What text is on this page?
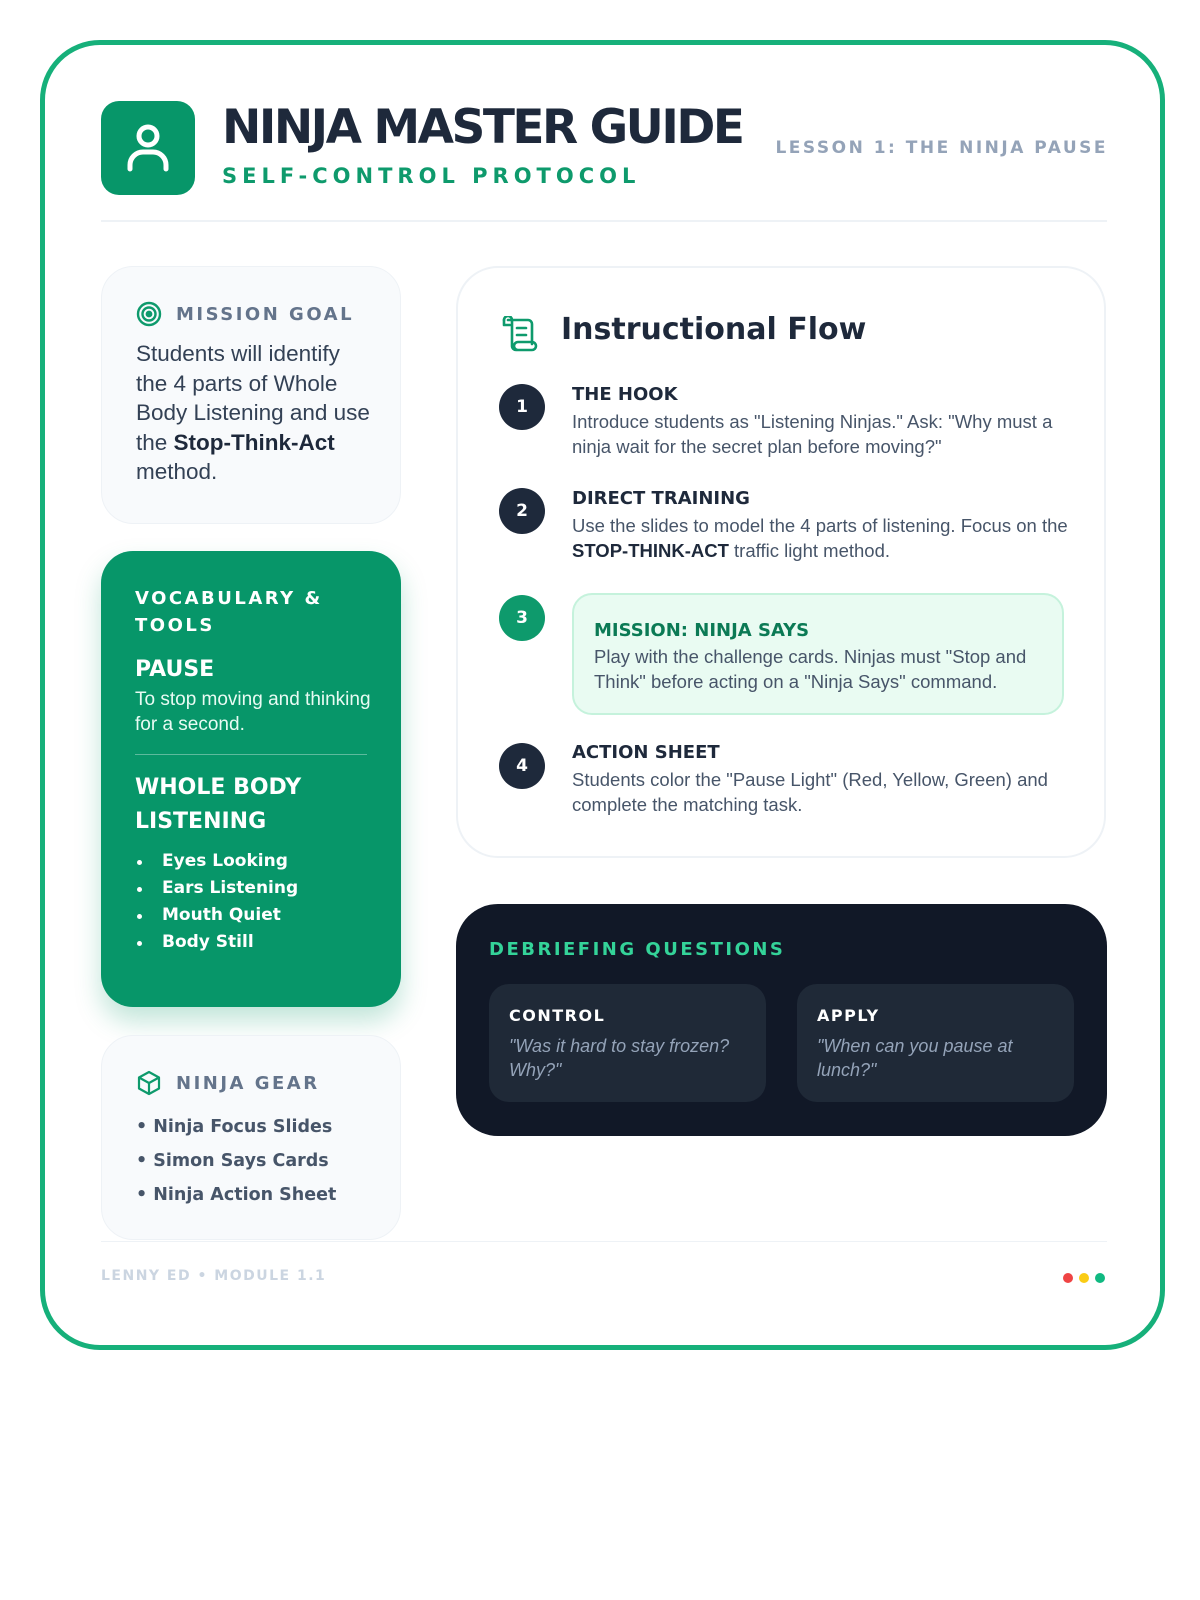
NINJA MASTER GUIDE
SELF-CONTROL PROTOCOL
LESSON 1: THE NINJA PAUSE
MISSION GOAL
Students will identify the 4 parts of Whole Body Listening and use the Stop-Think-Act method.
VOCABULARY & TOOLS
PAUSE
To stop moving and thinking for a second.
WHOLE BODY LISTENING
Eyes Looking
Ears Listening
Mouth Quiet
Body Still
NINJA GEAR
• Ninja Focus Slides
• Simon Says Cards
• Ninja Action Sheet
Instructional Flow
1
THE HOOK
Introduce students as "Listening Ninjas." Ask: "Why must a ninja wait for the secret plan before moving?"
2
DIRECT TRAINING
Use the slides to model the 4 parts of listening. Focus on the STOP-THINK-ACT traffic light method.
3
MISSION: NINJA SAYS
Play with the challenge cards. Ninjas must "Stop and Think" before acting on a "Ninja Says" command.
4
ACTION SHEET
Students color the "Pause Light" (Red, Yellow, Green) and complete the matching task.
DEBRIEFING QUESTIONS
CONTROL
"Was it hard to stay frozen? Why?"
APPLY
"When can you pause at lunch?"
LENNY ED • MODULE 1.1
